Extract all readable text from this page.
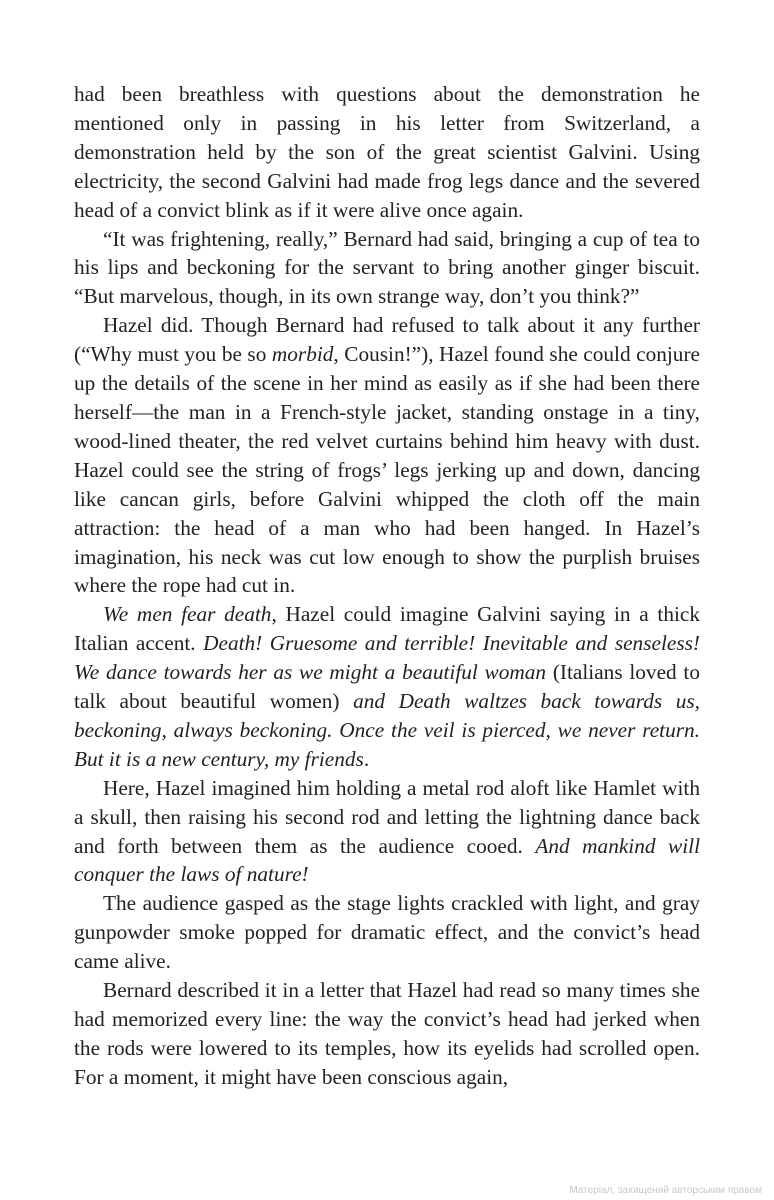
had been breathless with questions about the demonstration he mentioned only in passing in his letter from Switzerland, a demonstration held by the son of the great scientist Galvini. Using electricity, the second Galvini had made frog legs dance and the severed head of a convict blink as if it were alive once again.

“It was frightening, really,” Bernard had said, bringing a cup of tea to his lips and beckoning for the servant to bring another ginger biscuit. “But marvelous, though, in its own strange way, don’t you think?”

Hazel did. Though Bernard had refused to talk about it any further (“Why must you be so morbid, Cousin!”), Hazel found she could conjure up the details of the scene in her mind as easily as if she had been there herself—the man in a French-style jacket, standing onstage in a tiny, wood-lined theater, the red velvet curtains behind him heavy with dust. Hazel could see the string of frogs’ legs jerking up and down, dancing like cancan girls, before Galvini whipped the cloth off the main attraction: the head of a man who had been hanged. In Hazel’s imagination, his neck was cut low enough to show the purplish bruises where the rope had cut in.

We men fear death, Hazel could imagine Galvini saying in a thick Italian accent. Death! Gruesome and terrible! Inevitable and senseless! We dance towards her as we might a beautiful woman (Italians loved to talk about beautiful women) and Death waltzes back towards us, beckoning, always beckoning. Once the veil is pierced, we never return. But it is a new century, my friends.

Here, Hazel imagined him holding a metal rod aloft like Hamlet with a skull, then raising his second rod and letting the lightning dance back and forth between them as the audience cooed. And mankind will conquer the laws of nature!

The audience gasped as the stage lights crackled with light, and gray gunpowder smoke popped for dramatic effect, and the convict’s head came alive.

Bernard described it in a letter that Hazel had read so many times she had memorized every line: the way the convict’s head had jerked when the rods were lowered to its temples, how its eyelids had scrolled open. For a moment, it might have been conscious again,

Матеріал, захищений авторським правом
